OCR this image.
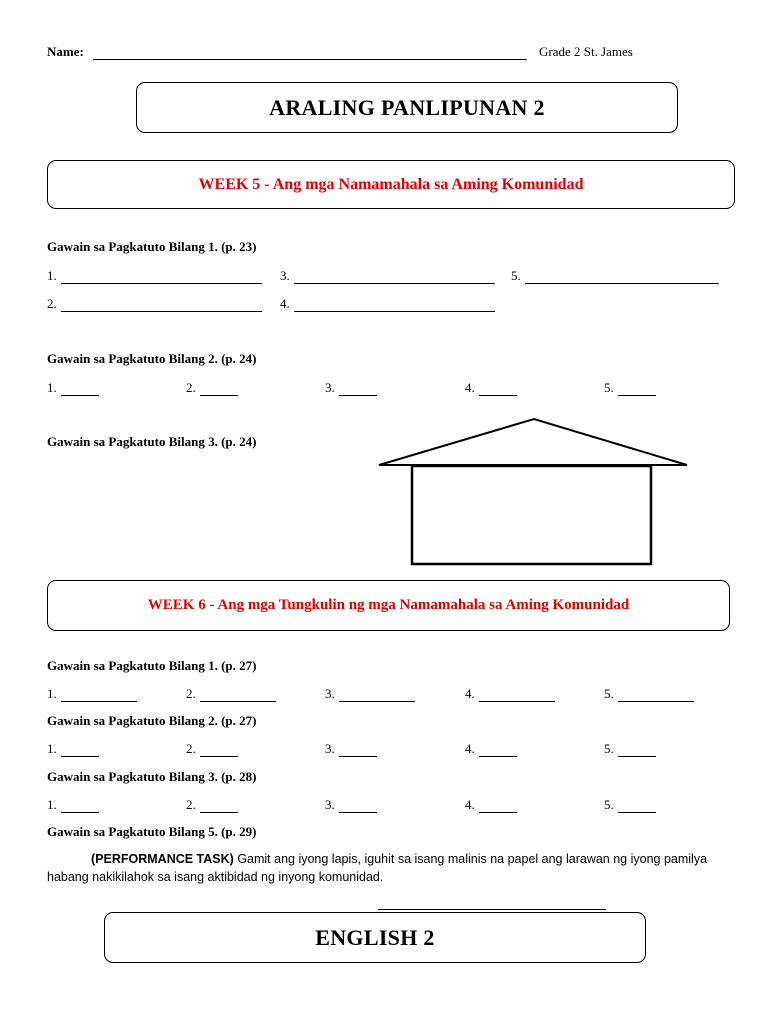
Name:	Grade 2 St. James
ARALING PANLIPUNAN 2
WEEK 5 - Ang mga Namamahala sa Aming Komunidad
Gawain sa Pagkatuto Bilang 1. (p. 23)
1.	3.	5.
2.	4.
Gawain sa Pagkatuto Bilang 2. (p. 24)
1.	2.	3.	4.	5.
Gawain sa Pagkatuto Bilang 3. (p. 24)
WEEK 6 - Ang mga Tungkulin ng mga Namamahala sa Aming Komunidad
Gawain sa Pagkatuto Bilang 1. (p. 27)
1.	2.	3.	4.	5.
Gawain sa Pagkatuto Bilang 2. (p. 27)
1.	2.	3.	4.	5.
Gawain sa Pagkatuto Bilang 3. (p. 28)
1.	2.	3.	4.	5.
Gawain sa Pagkatuto Bilang 5. (p. 29)
(PERFORMANCE TASK) Gamit ang iyong lapis, iguhit sa isang malinis na papel ang larawan ng iyong pamilya habang nakikilahok sa isang aktibidad ng inyong komunidad.
ENGLISH 2
